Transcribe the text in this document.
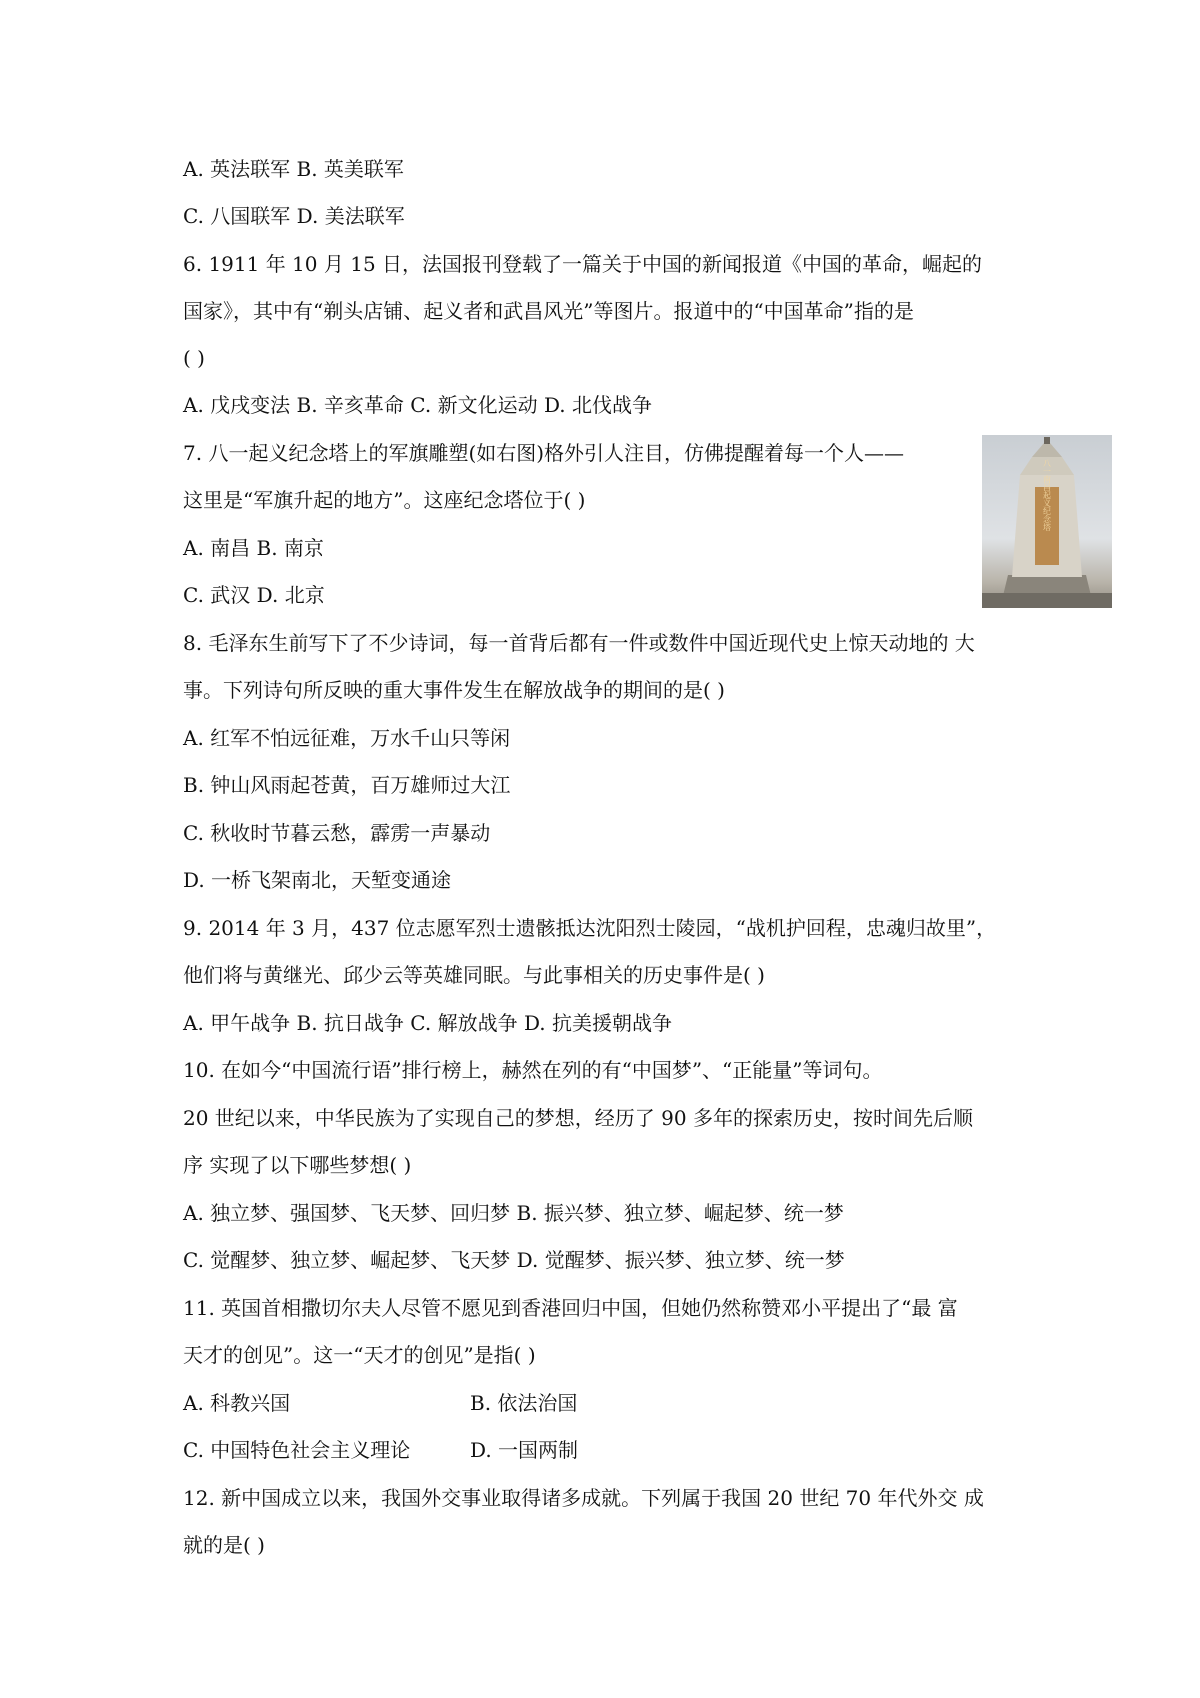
A. 英法联军 B. 英美联军
C. 八国联军 D. 美法联军
6. 1911 年 10 月 15 日，法国报刊登载了一篇关于中国的新闻报道《中国的革命，崛起的
国家》，其中有“剃头店铺、起义者和武昌风光”等图片。报道中的“中国革命”指的是
( )
A. 戊戌变法 B. 辛亥革命 C. 新文化运动 D. 北伐战争
7. 八一起义纪念塔上的军旗雕塑(如右图)格外引人注目，仿佛提醒着每一个人——
这里是“军旗升起的地方”。这座纪念塔位于( )
A. 南昌 B. 南京
C. 武汉 D. 北京
八一南昌起义纪念塔
8. 毛泽东生前写下了不少诗词，每一首背后都有一件或数件中国近现代史上惊天动地的 大
事。下列诗句所反映的重大事件发生在解放战争的期间的是( )
A. 红军不怕远征难，万水千山只等闲
B. 钟山风雨起苍黄，百万雄师过大江
C. 秋收时节暮云愁，霹雳一声暴动
D. 一桥飞架南北，天堑变通途
9. 2014 年 3 月，437 位志愿军烈士遗骸抵达沈阳烈士陵园，“战机护回程，忠魂归故里”，
他们将与黄继光、邱少云等英雄同眠。与此事相关的历史事件是( )
A. 甲午战争 B. 抗日战争 C. 解放战争 D. 抗美援朝战争
10. 在如今“中国流行语”排行榜上，赫然在列的有“中国梦”、“正能量”等词句。
20 世纪以来，中华民族为了实现自己的梦想，经历了 90 多年的探索历史，按时间先后顺
序 实现了以下哪些梦想( )
A. 独立梦、强国梦、飞天梦、回归梦 B. 振兴梦、独立梦、崛起梦、统一梦
C. 觉醒梦、独立梦、崛起梦、飞天梦 D. 觉醒梦、振兴梦、独立梦、统一梦
11. 英国首相撒切尔夫人尽管不愿见到香港回归中国，但她仍然称赞邓小平提出了“最 富
天才的创见”。这一“天才的创见”是指( )
A. 科教兴国	B. 依法治国
C. 中国特色社会主义理论	D. 一国两制
12. 新中国成立以来，我国外交事业取得诸多成就。下列属于我国 20 世纪 70 年代外交 成
就的是( )
